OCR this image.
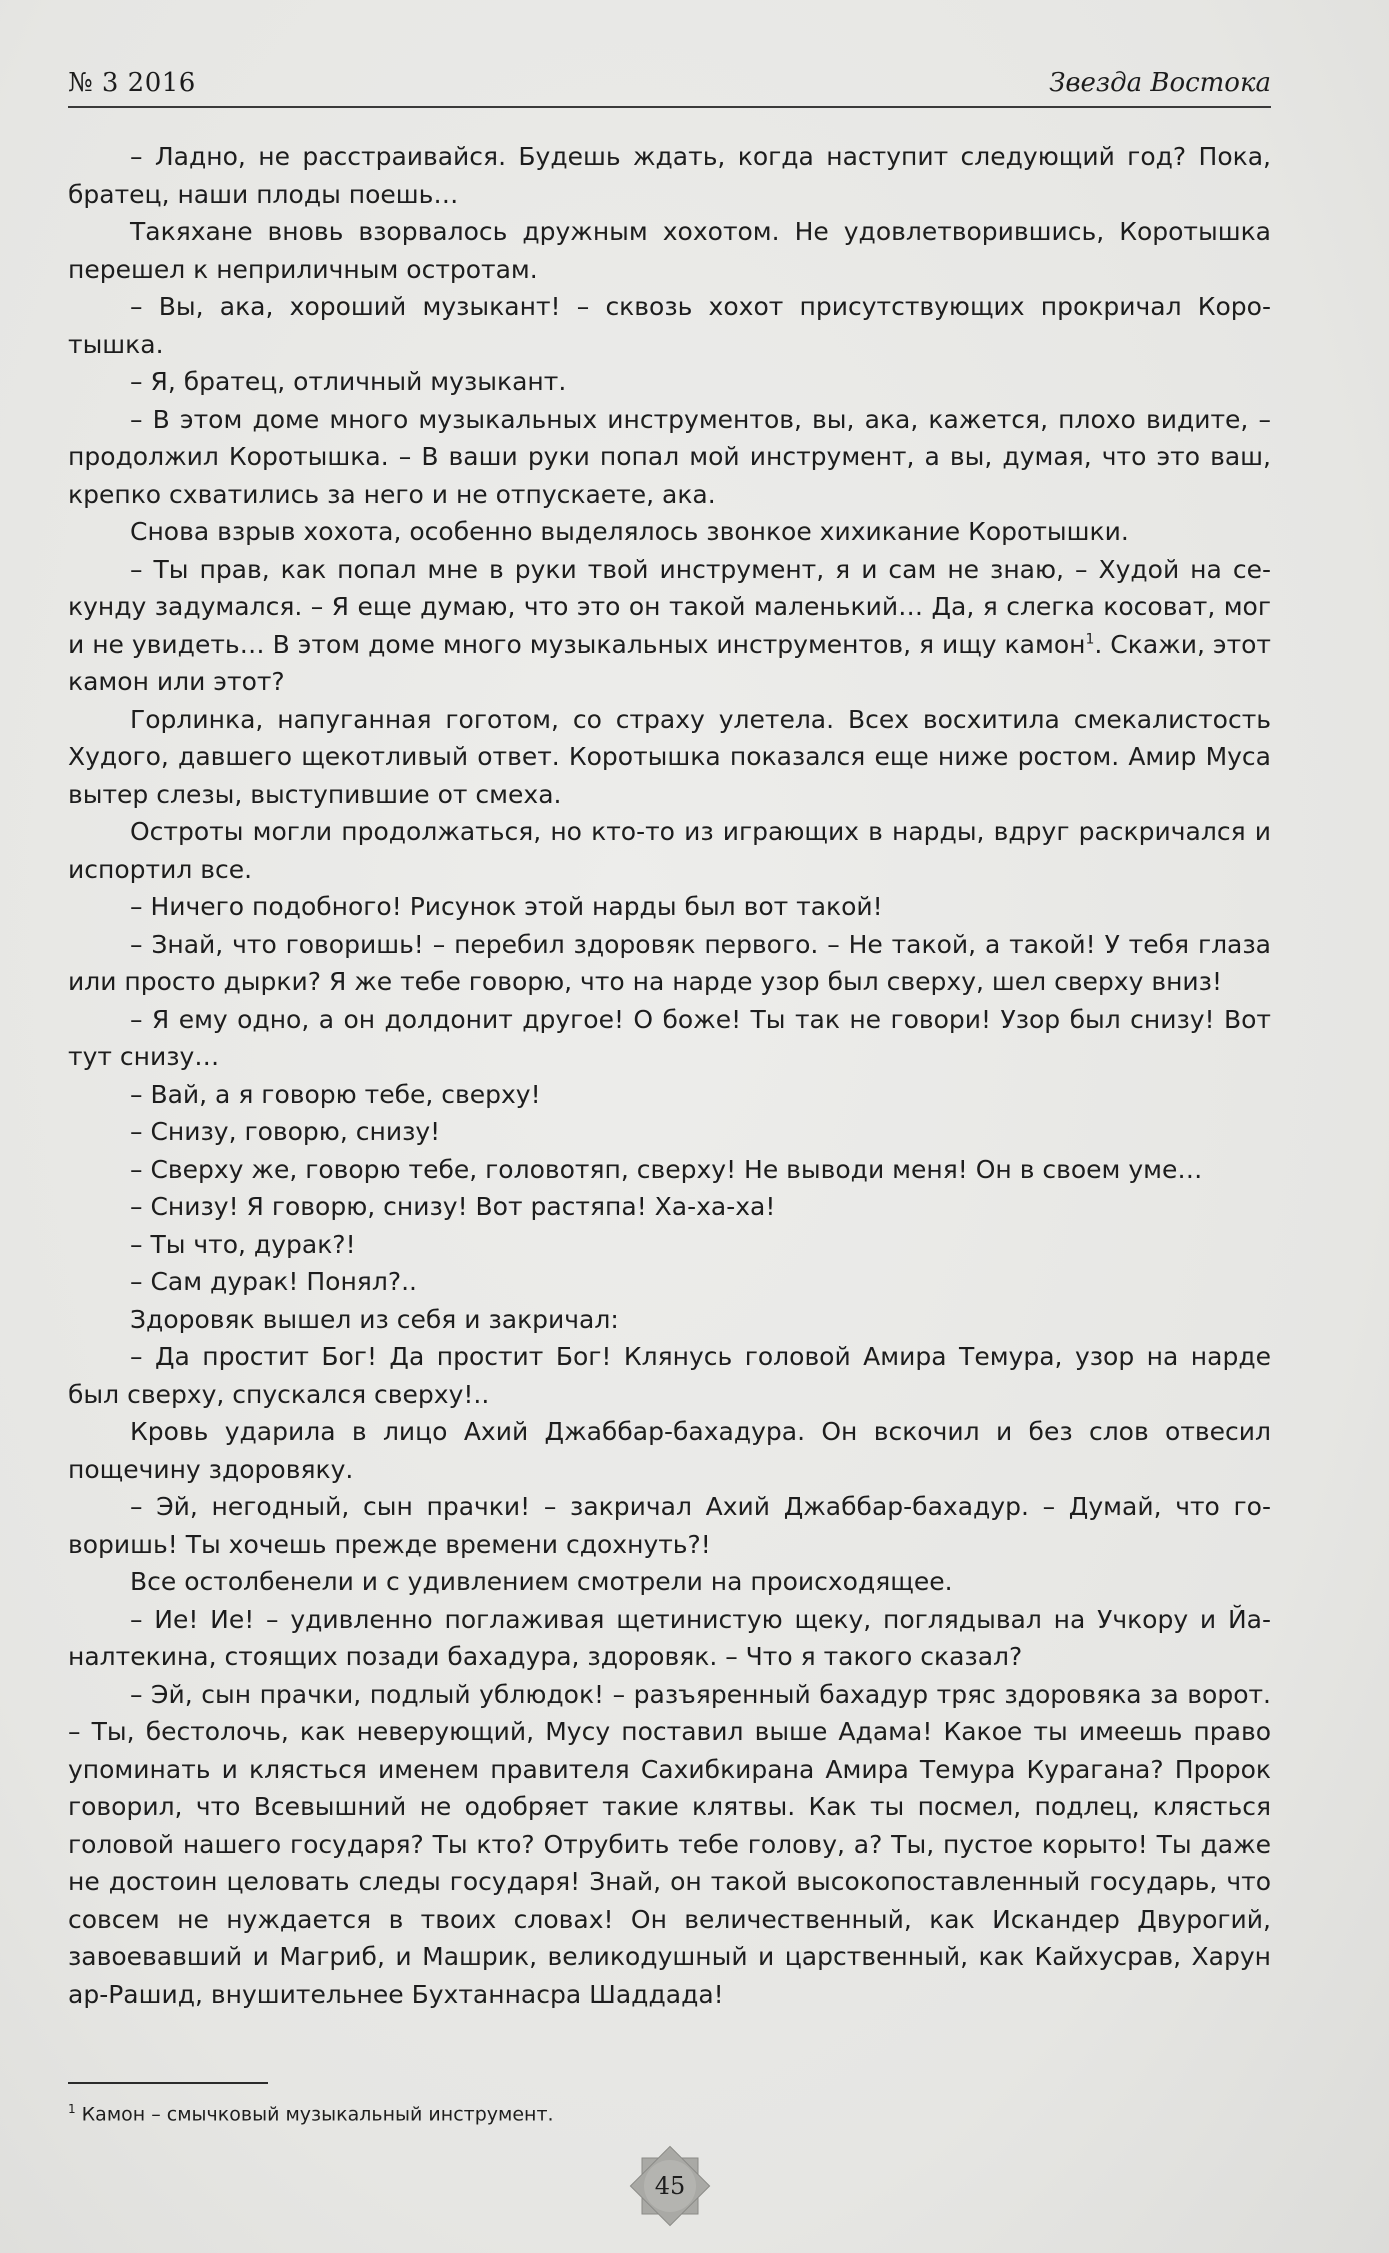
№ 3 2016	Звезда Востока

– Ладно, не расстраивайся. Будешь ждать, когда наступит следующий год? Пока, братец, наши плоды поешь…

Такяхане вновь взорвалось дружным хохотом. Не удовлетворившись, Коротышка перешел к неприличным остротам.

– Вы, ака, хороший музыкант! – сквозь хохот присутствующих прокричал Коротышка.

– Я, братец, отличный музыкант.

– В этом доме много музыкальных инструментов, вы, ака, кажется, плохо видите, – продолжил Коротышка. – В ваши руки попал мой инструмент, а вы, думая, что это ваш, крепко схватились за него и не отпускаете, ака.

Снова взрыв хохота, особенно выделялось звонкое хихикание Коротышки.

– Ты прав, как попал мне в руки твой инструмент, я и сам не знаю, – Худой на секунду задумался. – Я еще думаю, что это он такой маленький… Да, я слегка косоват, мог и не увидеть… В этом доме много музыкальных инструментов, я ищу камон$^1$. Скажи, этот камон или этот?

Горлинка, напуганная гоготом, со страху улетела. Всех восхитила смекалистость Худого, давшего щекотливый ответ. Коротышка показался еще ниже ростом. Амир Муса вытер слезы, выступившие от смеха.

Остроты могли продолжаться, но кто-то из играющих в нарды, вдруг раскричался и испортил все.

– Ничего подобного! Рисунок этой нарды был вот такой!

– Знай, что говоришь! – перебил здоровяк первого. – Не такой, а такой! У тебя глаза или просто дырки? Я же тебе говорю, что на нарде узор был сверху, шел сверху вниз!

– Я ему одно, а он долдонит другое! О боже! Ты так не говори! Узор был снизу! Вот тут снизу…

– Вай, а я говорю тебе, сверху!

– Снизу, говорю, снизу!

– Сверху же, говорю тебе, головотяп, сверху! Не выводи меня! Он в своем уме…

– Снизу! Я говорю, снизу! Вот растяпа! Ха-ха-ха!

– Ты что, дурак?!

– Сам дурак! Понял?..

Здоровяк вышел из себя и закричал:

– Да простит Бог! Да простит Бог! Клянусь головой Амира Темура, узор на нарде был сверху, спускался сверху!..

Кровь ударила в лицо Ахий Джаббар-бахадура. Он вскочил и без слов отвесил пощечину здоровяку.

– Эй, негодный, сын прачки! – закричал Ахий Джаббар-бахадур. – Думай, что говоришь! Ты хочешь прежде времени сдохнуть?!

Все остолбенели и с удивлением смотрели на происходящее.

– Ие! Ие! – удивленно поглаживая щетинистую щеку, поглядывал на Учкору и Йаналтекина, стоящих позади бахадура, здоровяк. – Что я такого сказал?

– Эй, сын прачки, подлый ублюдок! – разъяренный бахадур тряс здоровяка за ворот. – Ты, бестолочь, как неверующий, Мусу поставил выше Адама! Какое ты имеешь право упоминать и клясться именем правителя Сахибкирана Амира Темура Курагана? Пророк говорил, что Всевышний не одобряет такие клятвы. Как ты посмел, подлец, клясться головой нашего государя? Ты кто? Отрубить тебе голову, а? Ты, пустое корыто! Ты даже не достоин целовать следы государя! Знай, он такой высокопоставленный государь, что совсем не нуждается в твоих словах! Он величественный, как Искандер Двурогий, завоевавший и Магриб, и Машрик, великодушный и царственный, как Кайхусрав, Харун ар-Рашид, внушительнее Бухтаннасра Шаддада!

$^1$ Камон – смычковый музыкальный инструмент.
45
